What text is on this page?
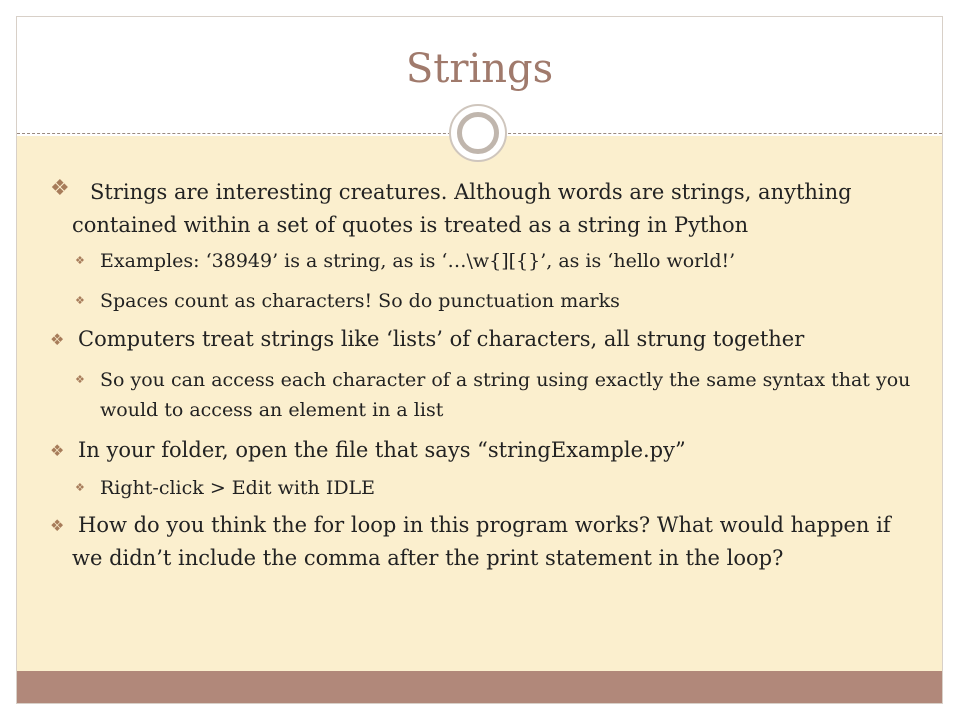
Strings
❖ Strings are interesting creatures. Although words are strings, anything contained within a set of quotes is treated as a string in Python
❖ Examples: ‘38949’ is a string, as is ‘…\w{][{}’, as is ‘hello world!’
❖ Spaces count as characters! So do punctuation marks
❖ Computers treat strings like ‘lists’ of characters, all strung together
❖ So you can access each character of a string using exactly the same syntax that you would to access an element in a list
❖ In your folder, open the file that says “stringExample.py”
❖ Right-click > Edit with IDLE
❖ How do you think the for loop in this program works? What would happen if we didn’t include the comma after the print statement in the loop?
